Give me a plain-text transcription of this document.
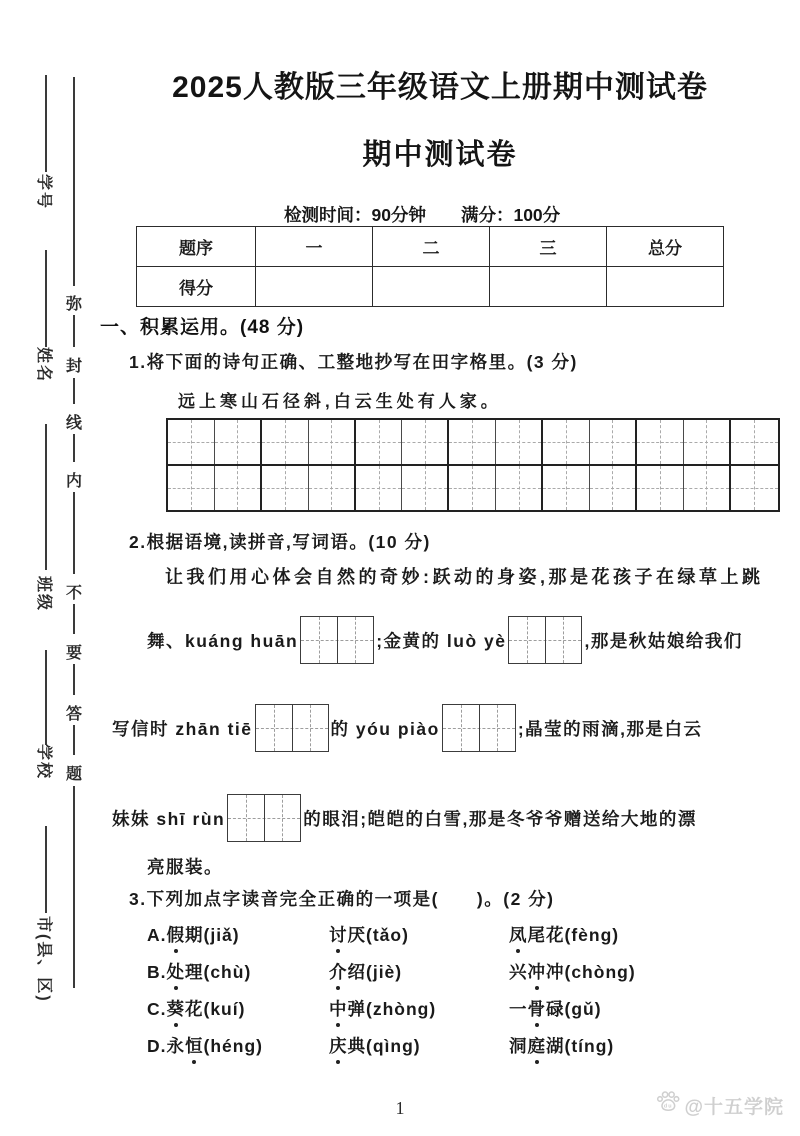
学号
姓名
班级
学校
市(县、区)
弥
封
线
内
不
要
答
题
2025人教版三年级语文上册期中测试卷
期中测试卷
检测时间：90分钟　　满分：100分
题序	一	二	三	总分
得分				
一、积累运用。(48 分)
1.将下面的诗句正确、工整地抄写在田字格里。(3 分)
远上寒山石径斜,白云生处有人家。
2.根据语境,读拼音,写词语。(10 分)
让我们用心体会自然的奇妙:跃动的身姿,那是花孩子在绿草上跳
舞、kuáng huān	;金黄的 luò yè	,那是秋姑娘给我们
写信时 zhān tiē	的 yóu piào	;晶莹的雨滴,那是白云
妹妹 shī rùn	的眼泪;皑皑的白雪,那是冬爷爷赠送给大地的漂
亮服装。
3.下列加点字读音完全正确的一项是(　　)。(2 分)
A.假期(jiǎ)	讨厌(tǎo)	凤尾花(fèng)
B.处理(chù)	介绍(jiè)	兴冲冲(chòng)
C.葵花(kuí)	中弹(zhòng)	一骨碌(gǔ)
D.永恒(héng)	庆典(qìng)	洞庭湖(tíng)
1	du @十五学院
